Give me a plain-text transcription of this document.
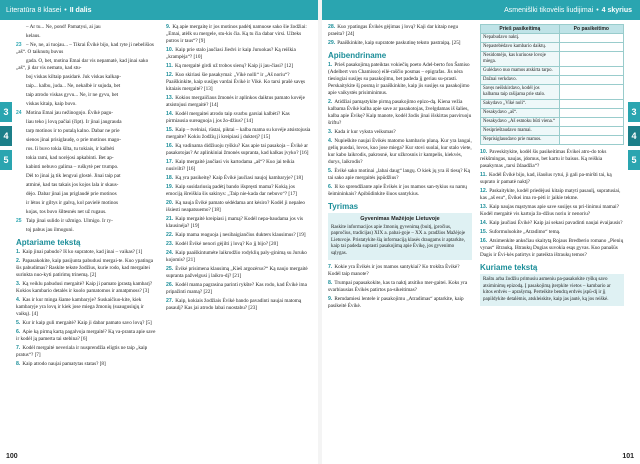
Literatūra 8 klasei • II dalis	Asmenišlki tikovėlis liudijimai • 4 skyrius
3
4
5
3
4
5

– Ar tu... Ne, pond! Pamatysi, ai jau

kelaus.

23 – Ne, ne, ai tuojau... – Tikrai Ėvikė bijo, kad ryte ji nebelišios „aš“. O taiknutų buvus

gada. O, bet, motina Emai dar vis nepamatė, kad jinai sako „aš“, ji dar vis nemato, kad stu-

boj viskas kiltaip pasidarė. Juk viskas kalkap-

taip... kalbu, juda... Ne, nekalbė ir sujuda, bet

taip atrodo viskas gyvu... Ne, ir ne gyvu, bet

viskas kitaip, kaip buvo.

24 Motina Emai jau nežinogojo. Ėvikė pagu-

liau teko į lovą pačiai (čipt). Ir jinai jaugrauda

tarp motinos ir to putalą kalno. Dabar ne prie

sienos jinai prisiglaudę, o prie motinos mago-

ros. Ii buvo tokia šilta, tu tokiais, ir kalbėti

tokia rami, kad norėjosi apkabinti. Bet ap-

kabinti nebuvo galima – ruškytė per trumpo.

Dėl to jinai ją tik lengvai glostė. Jinai taip pat

atminė, kad tas takais jos kojos lala ir skaus-

dėjo. Dabar jinai jau priglaudė prie motinos

ir lėtos ir giltys ir galvą, kol pavielė motinos

kojas, tos buvo šiltesnės net už rugaus.

25 Taip jinai sulido ir užmigo. Ulmigo. Ir ry-

toj pabus jau ilmoguni.

Aptariame tekstą

1. Kaip jinai pabudo? Iš ko supratote, kad jinai – vaikas? [1]

2. Papasakokite, kaip pasijunta pabudusi mergai-te. Kuo ypatinga šis pabudimas? Raskite tekste žodžius, kurie rodo, kad mergaitei surinkta nuo-kyti patirimų trinemą. [2]

3. Ką veiklu pabudusi mergaitė? Kaip ji pamato įprastą kambarį? Kokios kambario detalės ir kuolo pamatomos ir amatpmoss? [3]

4. Kas ir kur minga šiame kambaryje? Suskaičiuo-kite, kiek kambaryje yra lovų ir kiek jose miega žmonių (suaugusiųjų ir vaikų). [4]

5. Kur ir kaip guli mergaitė? Kaip ji dabar pamato savo lovą? [5]

6. Apie ką pirmą kartą pagalvoja mergaitė? Ką va-pranta apie save ir kodėl ją pamerta tai stebina? [6]

7. Kodėl mergaitė neveriala ir nusprendžia eligtis ne taip „kaip pratus“? [7]

8. Kaip atrodo naujai pamatytas statas? [8]

9. Ką apie mergaitę ir jos motinos padėtį namuose sako šie žodžiai: „Emai, atėlk su mergele, stu-kis čia. Ką tu čia dabar virsi. Užteks putros ir taus“? [9]

10. Kaip prie stalo jaučiasi Jiedvi ir kaip Juruokas? Ką reiškia „krampėja“? [10]

11. Ką mergaitė girdi už trobos sienų? Kaip ji jau-čiasi? [12]

12. Kuo skiriasi šie pasakymai: „Vikė nolli“ ir „Aš noriu“? Paaiškinkite, kaip susijęs vardai Ėvikė ir Vikė. Ko tarsi prašė savęs kitaiais mergaitė? [13]

13. Kokios mergaičiaus žmonės ir aplinkos daiktus pamato kovėje atsistojusi mergaitė? [14]

14. Kodėl mergaitei atrodo taip svarbu garsiai kalbėti? Kas pirmiausia sureaguoja į jos žo-džius? [14]

15. Kaip – tvelniai, rūstai, piktai – kalba mama su kovėje atsistojusia mergaite? Kokiu žodžių ji kreipiasi į dukterį? [15]

16. Ką vadinama didžiuoju ryškiu? Kas apie tai pasakoja – Ėvikė ar pasakotojas? Ar aplinkiniai žmonės supranta, kad kalkas įvyko? [16]

17. Kaip mergaitė jaučiasi vis kartodama „aš“? Kuo jai teikia nusivilti? [16]

18. Ką yra pasikeitę? Kaip Ėvikė jaučiasi naujoj kambaryje? [18]

19. Kaip susidariusią padėtį bando išspręsti mama? Kokią jos emociją išreiškia šis sakinys: „Taip nie-kada dar nebuvo“? [17]

20. Ką nauja Ėvikė pamato sėdėdama ant kėsiro? Kodėl ji nepaleo išsiesti neapatsuemo? [18]

21. Kaip mergaitė kreipiasi į mamą? Kodėl nepa-baudama jos vis klausinėja? [19]

22. Kaip mama reaguoja į nesibaigiančius dukters klausimus? [19]

23. Kodėl Ėvikė nenori gėjilti į lovą? Ko jį bijo? [20]

24. Kaip paaiškintumėte laikrodžio rodyklių paly-ginimą su Juruko kojomis? [21]

25. Ėvikė prisimena klausimą „Kieš argozėrus?“ Ką naujo mergaitė supranta pažvelgusi į laikro-dį? [21]

26. Kodėl mama pagrasina parinti rykšte? Kas rodo, kad Ėvikė ima pripažinti mamą? [22]

27. Kaip, kokiais žodžiais Ėvikė bando pavadinti naujai matomą pasaulį? Kas jai atrodo labai nuostabu? [23]

28. Kuo ypatingas Ėvikės gėjimas į lovą? Kaji dar kitaip negu praeita? [24]

29. Paaiškinkite, kaip supratote paskutinę teksto pastraipą. [25]

Apibendriname

1. Prieš pasakojimą pateiktas vokiečių poeto Adel-berto fon Šamiso (Adelbert von Chamisso) eilė-raščio posmas – epigrafas. Jis nėra tiesiogiai susijęs su pasakojimu, bet padeda jį geriau su-prasti. Perskaitykite šį posmą ir paaiškinkite, kaip jis susijęs su pasakojimo apie vaikystės prisiminimus.

2. Atidžiai pamąstykite pirmą pasakojimo epizo-dą. Kiena vežia kalbama Ėvikė kalba apie save ar pasakotojas, žvelgdamas iš šalies, kalba apie Ėvikę? Kaip manote, kodėl žodis jinai išskirtas pasviruoju šriftu?

3. Kada ir kur vyksta veiksmas?

4. Nupieškite naujai Ėvikės matomo kambario planą. Kur yra langai, gelių puodai, lovos, kuo jose miega? Kur stovi suolai, kur stalo viete, kur kabo laikrodis, pakrosnė, kur užkrosnis ir kampelis, kiekvės, durys, laikrodis?

5. Ėvikė sako motinai „labai daug“ langų. O kiek jų yra iš tiesų? Ką tai sako apie mergaitės įspūdžius?

6. Iš ko sprendžiante apie Ėvikės ir jos mamos san-tykius su namų šeimininkais? Apibūdinkite šiuos santykius.

Tyrimas
Gyvenimas Mažėjoje Lietuvoje
Raskite informacijos apie žmonių gyvenimą (buitį, įpročius, papročius, tradicijas) XIX a. pabai-goje – XX a. pradžios Mažėjoje Lietuvoje. Pristatykite šią informaciją klasės draugams ir aptarkite, kaip tai padeda suprasti pasakojimą apie Ėvikę, jos gyvenimo sąlygas.

7. Kokie yra Ėvikės ir jos mamos santykiai? Ko trokšta Ėvikė? Kodėl taip manote?

8. Trumpai papasakokite, kas ta naktį atsitiko mer-gaitei. Koks yra svarbiausias Ėvikės patirtos pa-sikeitimas?

9. Remdamiesi lentele ir pasakojimu „Atradimas“ aptarkite, kaip pasikeitė Ėvikė.

Prieš pasikeitimą	Po pasikeitimo
Nepabudavo naktį.	
Nepastebėdavo kambario daiktų.	
Nesidomėjo, kas kuriuose lovoje miega.	
Gulėdavo nuo mamos atskirta tarpo.	
Dažnai verkdavo.	
Savęs neišskirdavo, kodėl jos kalbama taip rašijama prie stalo.	
Sakydavo „Vikė noli“.	
Nesakydavo „aš“.	
Nesakydavo „Aš esmoku būti viena.“	
Nesiprieštaudavo mamai.	
Neprisiglausdavo prie mamos.	

10. Paveskitykite, kodėl šis pasikeitimas Ėvikei atro-do toks reikšmingas, naujas, įdomus, bet kartu ir baisus. Ką reiškia pasakymas „tarsi ždaadžia“?

11. Kodėl Ėvikė bijo, kad, išaušus rytui, ji gali pa-miršti tai, ką suprato ir pamatė naktį?

12. Paskaitykite, kodėl priedėjusi kitaip matyti pasaulį, supratusiai, kas „aš esu“, Ėvikei ima ro-pėti ir jaikie tekme.

13. Kaip naujas mąstymas apie save susijęs su pri-linimui mamai? Kodėl mergaitė vis kartoja žo-džius noriu ir nenoriu?

14. Kaip jaučiasi Ėvikė? Kaip jai sekasi pavadinti naujai ėvaijausis?

15. Suformuluokite „Atradimo“ temą.

16. Atsimenkite anksčiau skaitytą Rojaus Bredberio romano „Pienių vynas“ ištrauką. Ištraukų Dugias suvokia esąs gyvas. Kuo panašūs Dagis ir Ėvi-kės patirtys ir pateikta ištraukų temos?

Kuriame tekstą
Raštu arba žodžiu primusiu asmeniu pa-pasakokite ryškų savo atsiminimų epizodą. Į pasakojimą įterpkite vietos – kambario ar kitos erdvės – aprašymą. Perteikite bendrą erdvės įspū-dį ir jį papildykite detalėmis, atskleiskite, kaip jas jautė, ką jos reiškė.
100	101
